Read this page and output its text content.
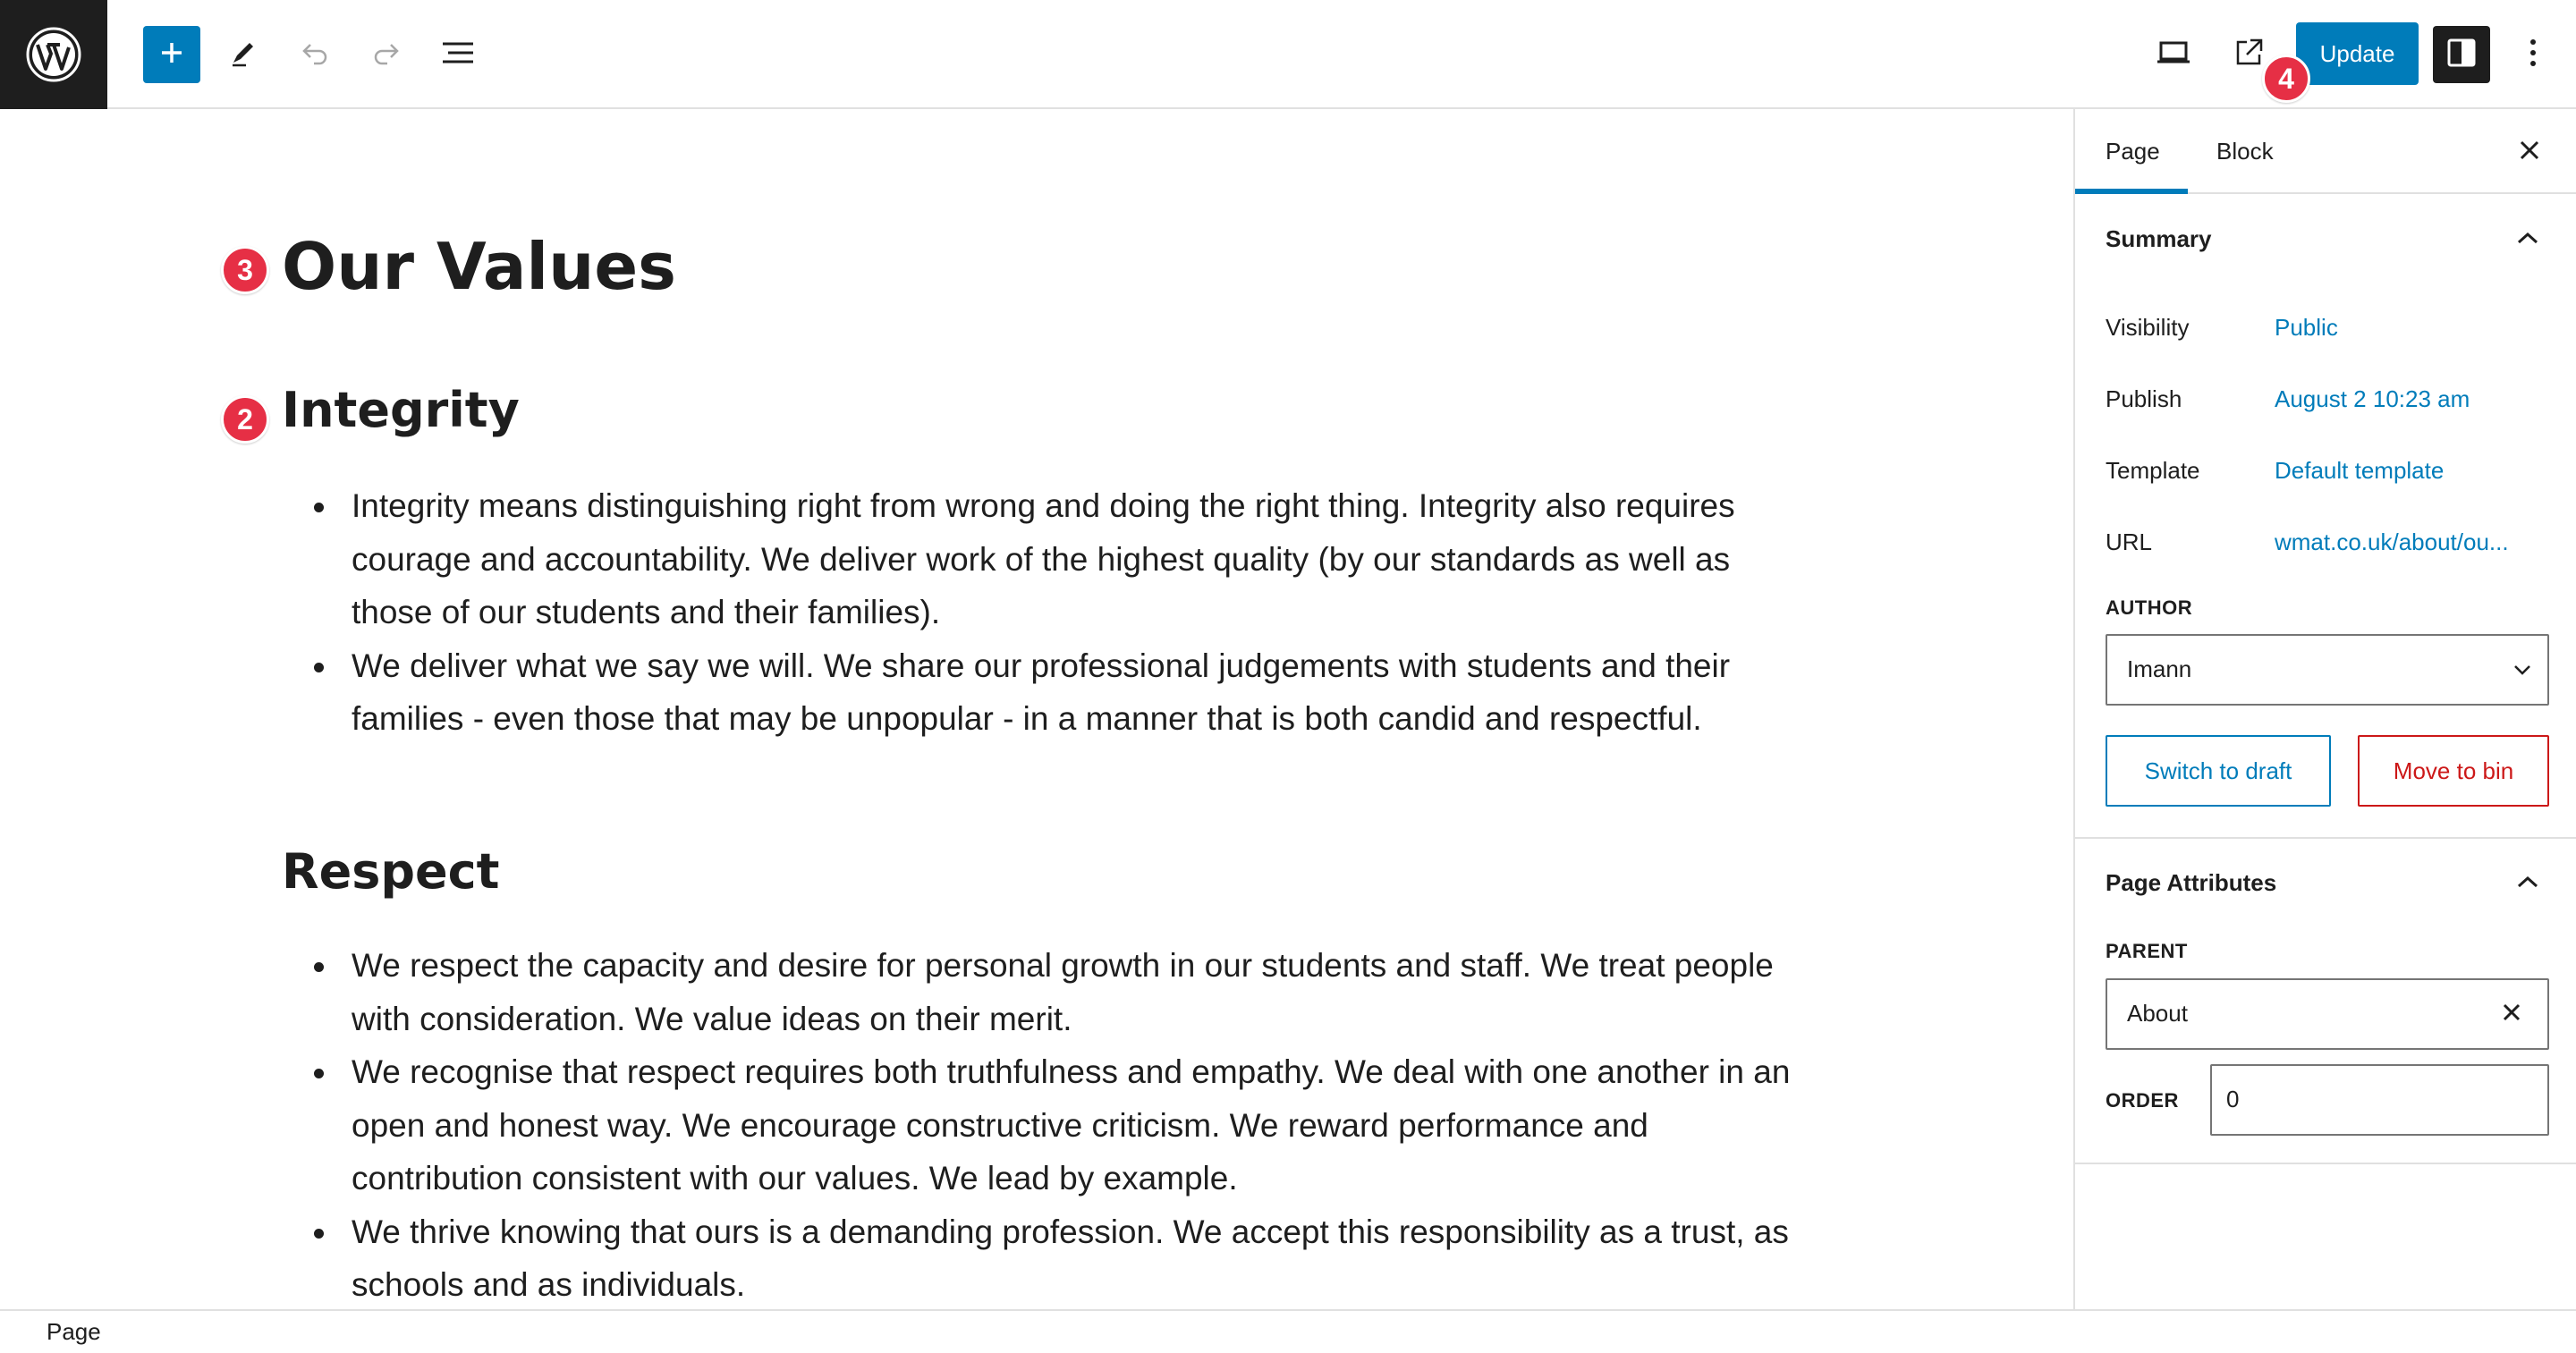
Update
4
3
2
Our Values
Integrity
Integrity means distinguishing right from wrong and doing the right thing. Integrity also requires courage and accountability. We deliver work of the highest quality (by our standards as well as those of our students and their families).
We deliver what we say we will. We share our professional judgements with students and their families - even those that may be unpopular - in a manner that is both candid and respectful.
Respect
We respect the capacity and desire for personal growth in our students and staff. We treat people with consideration. We value ideas on their merit.
We recognise that respect requires both truthfulness and empathy. We deal with one another in an open and honest way. We encourage constructive criticism. We reward performance and contribution consistent with our values. We lead by example.
We thrive knowing that ours is a demanding profession. We accept this responsibility as a trust, as schools and as individuals.
Page Block
Summary
Visibility	Public
Publish	August 2 10:23 am
Template	Default template
URL	wmat.co.uk/about/ou...
AUTHOR
Imann
Switch to draft	Move to bin
Page Attributes
PARENT
About
ORDER 0
Page
